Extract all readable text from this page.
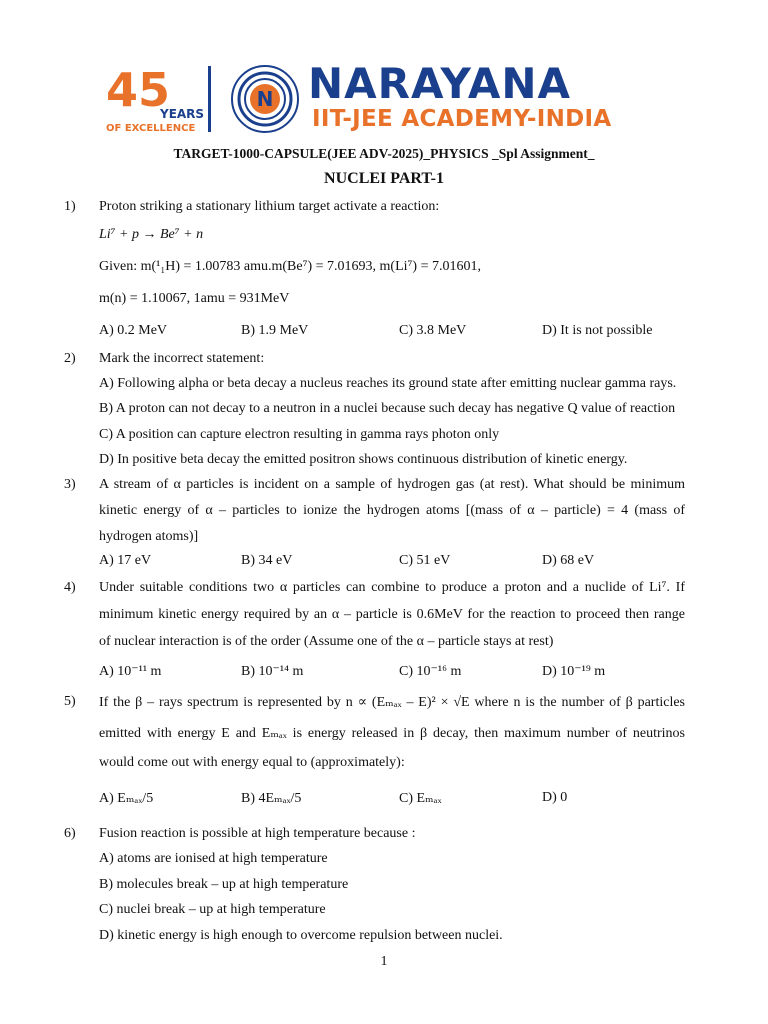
45
YEARS
OF EXCELLENCE
N NARAYANA
IIT-JEE ACADEMY-INDIA
TARGET-1000-CAPSULE(JEE ADV-2025)_PHYSICS _Spl Assignment_
NUCLEI PART-1
1) Proton striking a stationary lithium target activate a reaction:
Li⁷ + p → Be⁷ + n
Given: m(¹₁H) = 1.00783 amu.m(Be⁷) = 7.01693, m(Li⁷) = 7.01601,
m(n) = 1.10067, 1amu = 931MeV
A) 0.2 MeV	B) 1.9 MeV	C) 3.8 MeV	D) It is not possible
2) Mark the incorrect statement:
A) Following alpha or beta decay a nucleus reaches its ground state after emitting nuclear gamma rays.
B) A proton can not decay to a neutron in a nuclei because such decay has negative Q value of reaction
C) A position can capture electron resulting in gamma rays photon only
D) In positive beta decay the emitted positron shows continuous distribution of kinetic energy.
3) A stream of α particles is incident on a sample of hydrogen gas (at rest). What should be minimum
kinetic energy of α – particles to ionize the hydrogen atoms [(mass of α – particle) = 4 (mass of
hydrogen atoms)]
A) 17 eV	B) 34 eV	C) 51 eV	D) 68 eV
4) Under suitable conditions two α particles can combine to produce a proton and a nuclide of Li⁷. If
minimum kinetic energy required by an α – particle is 0.6MeV for the reaction to proceed then range
of nuclear interaction is of the order (Assume one of the α – particle stays at rest)
A) 10⁻¹¹ m	B) 10⁻¹⁴ m	C) 10⁻¹⁶ m	D) 10⁻¹⁹ m
5) If the β – rays spectrum is represented by n ∝ (Eₘₐₓ – E)² × √E where n is the number of β particles
emitted with energy E and Eₘₐₓ is energy released in β decay, then maximum number of neutrinos
would come out with energy equal to (approximately):
A) Eₘₐₓ/5	B) 4Eₘₐₓ/5	C) Eₘₐₓ	D) 0
6) Fusion reaction is possible at high temperature because :
A) atoms are ionised at high temperature
B) molecules break – up at high temperature
C) nuclei break – up at high temperature
D) kinetic energy is high enough to overcome repulsion between nuclei.
1
